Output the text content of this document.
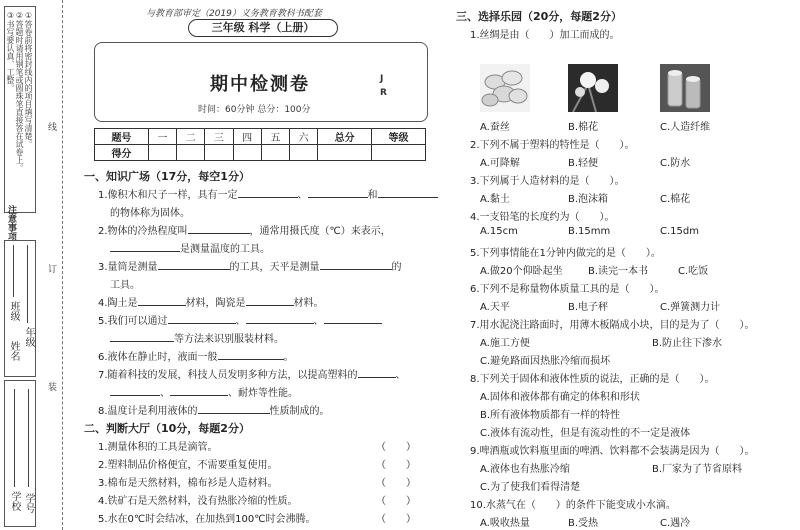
①答卷前将密封线内的项目填写清楚。
②答题时请用钢笔或圆珠笔直接答在试卷上。
③书写要认真、工整。
注意事项
班级
年级
姓名
学校 学号
线
订
装
与教育部审定（2019）义务教育教科书配套
三年级 科学（上册）
期中检测卷	J
R
时间：60分钟 总分：100分
题号	一	二	三	四	五	六	总分	等级
得分								
一、知识广场（17分，每空1分）
1.像积木和尺子一样，具有一定	、	和
的物体称为固体。
2.物体的冷热程度叫	，通常用摄氏度（℃）来表示，
是测量温度的工具。
3.量筒是测量	的工具，天平是测量	的
工具。
4.陶土是	材料，陶瓷是	材料。
5.我们可以通过	、	、
等方法来识别服装材料。
6.液体在静止时，液面一般	。
7.随着科技的发展，科技人员发明多种方法，以提高塑料的	、
、	、耐炸等性能。
8.温度计是利用液体的	性质制成的。
二、判断大厅（10分，每题2分）
1.测量体积的工具是滴管。	（　　）
2.塑料制品价格便宜，不需要重复使用。	（　　）
3.棉布是天然材料，棉布衫是人造材料。	（　　）
4.铁矿石是天然材料，没有热胀冷缩的性质。	（　　）
5.水在0℃时会结冰，在加热到100℃时会沸腾。	（　　）
三、选择乐园（20分，每题2分）
1.丝绸是由（　　）加工而成的。
A.蚕丝	B.棉花	C.人造纤维
2.下列不属于塑料的特性是（　　）。
A.可降解	B.轻便	C.防水
3.下列属于人造材料的是（　　）。
A.黏土	B.泡沫箱	C.棉花
4.一支铅笔的长度约为（　　）。
A.15cm	B.15mm	C.15dm
5.下列事情能在1分钟内做完的是（　　）。
A.做20个仰卧起坐	B.读完一本书	C.吃饭
6.下列不是称量物体质量工具的是（　　）。
A.天平	B.电子秤	C.弹簧测力计
7.用水泥浇注路面时，用薄木板隔成小块，目的是为了（　　）。
A.施工方便	B.防止往下渗水
C.避免路面因热胀冷缩而损坏
8.下列关于固体和液体性质的说法，正确的是（　　）。
A.固体和液体都有确定的体积和形状
B.所有液体物质都有一样的特性
C.液体有流动性，但是有流动性的不一定是液体
9.啤酒瓶或饮料瓶里面的啤酒、饮料都不会装满是因为（　　）。
A.液体也有热胀冷缩	B.厂家为了节省原料
C.为了使我们看得清楚
10.水蒸气在（　　）的条件下能变成小水滴。
A.吸收热量	B.受热	C.遇冷
